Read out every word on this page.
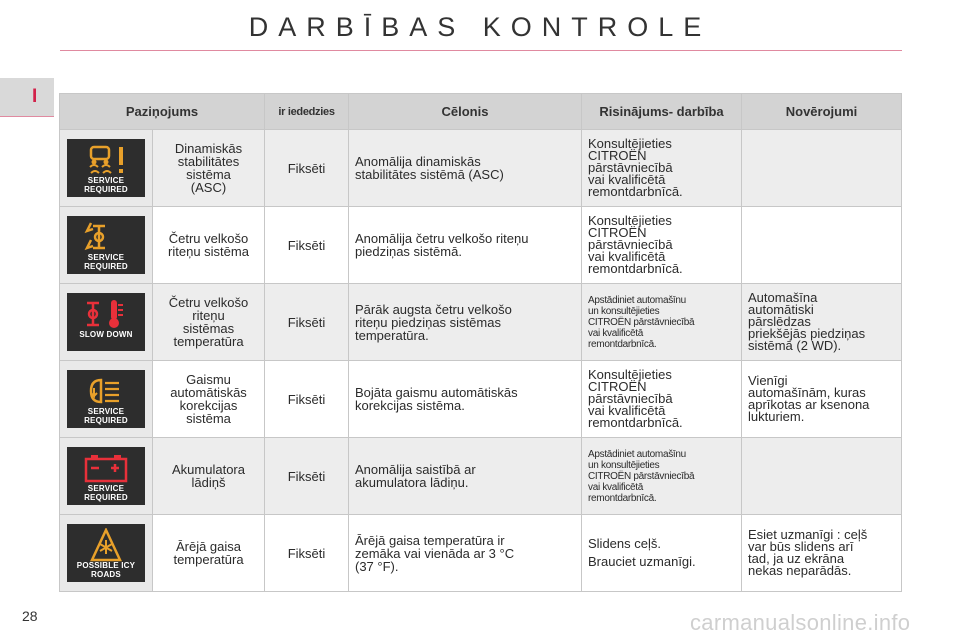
DARBĪBAS KONTROLE
I
Paziņojums		ir iededzies	Cēlonis	Risinājums- darbība	Novērojumi

SERVICE
REQUIRED	Dinamiskās
stabilitātes
sistēma
(ASC)	Fiksēti	Anomālija dinamiskās
stabilitātes sistēmā (ASC)	Konsultējieties
CITROËN
pārstāvniecībā
vai kvalificētā
remontdarbnīcā.	

SERVICE
REQUIRED	Četru velkošo
riteņu sistēma	Fiksēti	Anomālija četru velkošo riteņu
piedziņas sistēmā.	Konsultējieties
CITROËN
pārstāvniecībā
vai kvalificētā
remontdarbnīcā.	

SLOW DOWN	Četru velkošo
riteņu
sistēmas
temperatūra	Fiksēti	Pārāk augsta četru velkošo
riteņu piedziņas sistēmas
temperatūra.	Apstādiniet automašīnu
un konsultējieties
CITROËN pārstāvniecībā
vai kvalificētā
remontdarbnīcā.	Automašīna
automātiski
pārslēdzas
priekšējās piedziņas
sistēmā (2 WD).

SERVICE
REQUIRED	Gaismu
automātiskās
korekcijas
sistēma	Fiksēti	Bojāta gaismu automātiskās
korekcijas sistēma.	Konsultējieties
CITROËN
pārstāvniecībā
vai kvalificētā
remontdarbnīcā.	Vienīgi
automašīnām, kuras
aprīkotas ar ksenona
lukturiem.

SERVICE
REQUIRED	Akumulatora
lādiņš	Fiksēti	Anomālija saistībā ar
akumulatora lādiņu.	Apstādiniet automašīnu
un konsultējieties
CITROËN pārstāvniecībā
vai kvalificētā
remontdarbnīcā.	

POSSIBLE ICY
ROADS	Ārējā gaisa
temperatūra	Fiksēti	Ārējā gaisa temperatūra ir
zemāka vai vienāda ar 3 °C
(37 °F).	Slidens ceļš.
Brauciet uzmanīgi.	Esiet uzmanīgi : ceļš
var būs slidens arī
tad, ja uz ekrāna
nekas neparādās.
28	carmanualsonline.info
